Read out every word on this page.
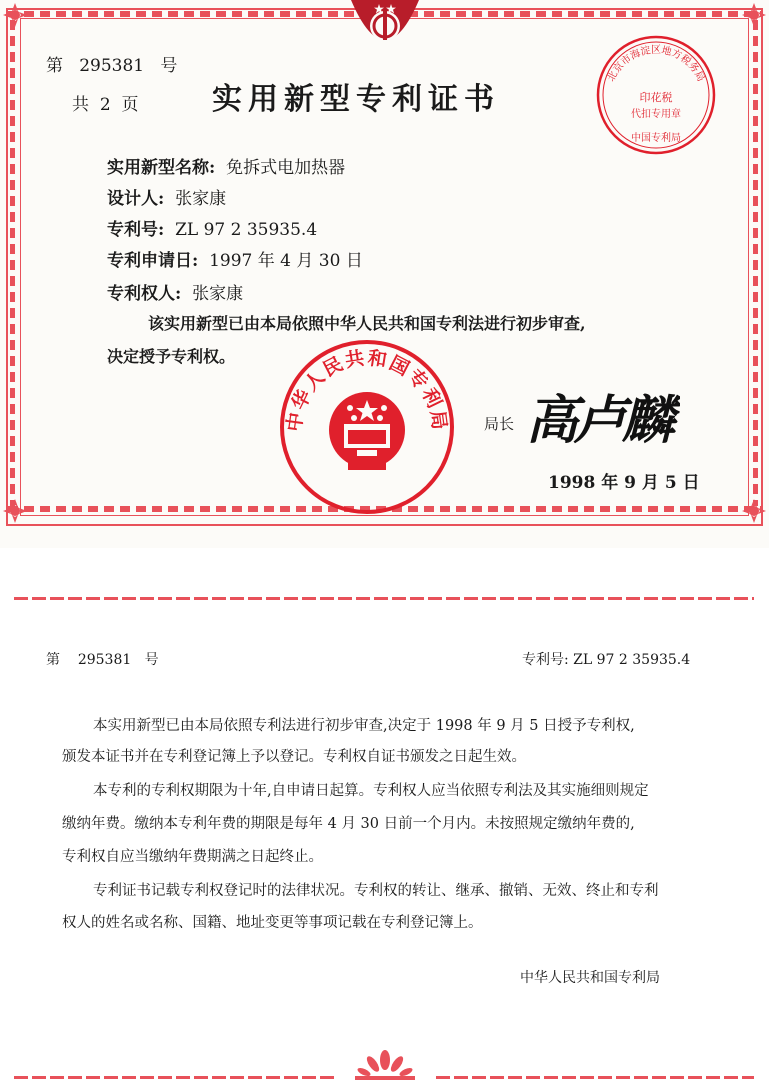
第 295381 号
共 2 页 实用新型专利证书
北京市海淀区地方税务局
印花税
代扣专用章
中国专利局
实用新型名称: 免拆式电加热器
设计人: 张家康
专利号: ZL 97 2 35935.4
专利申请日: 1997 年 4 月 30 日
专利权人: 张家康
该实用新型已由本局依照中华人民共和国专利法进行初步审查,
决定授予专利权。
中华人民共和国专利局 局长 高卢麟
1998 年 9 月 5 日
第 295381 号	专利号: ZL 97 2 35935.4
本实用新型已由本局依照专利法进行初步审查,决定于 1998 年 9 月 5 日授予专利权,
颁发本证书并在专利登记簿上予以登记。专利权自证书颁发之日起生效。
本专利的专利权期限为十年,自申请日起算。专利权人应当依照专利法及其实施细则规定
缴纳年费。缴纳本专利年费的期限是每年 4 月 30 日前一个月内。未按照规定缴纳年费的,
专利权自应当缴纳年费期满之日起终止。
专利证书记载专利权登记时的法律状况。专利权的转让、继承、撤销、无效、终止和专利
权人的姓名或名称、国籍、地址变更等事项记载在专利登记簿上。
中华人民共和国专利局
